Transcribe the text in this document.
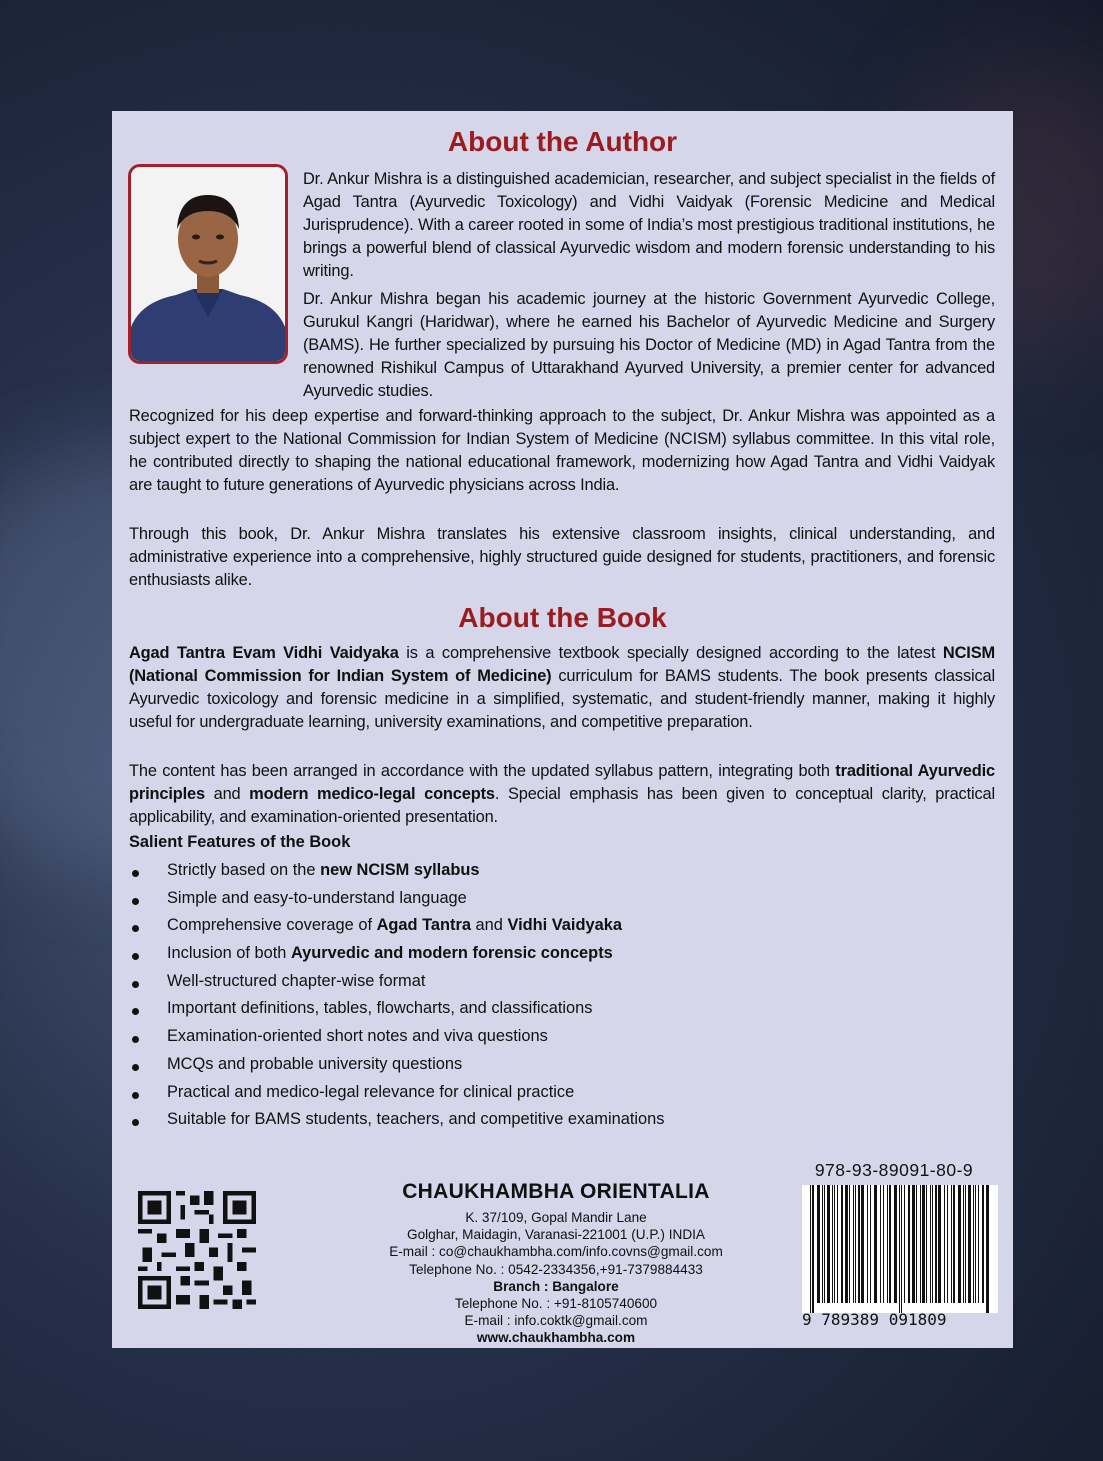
About the Author

Dr. Ankur Mishra is a distinguished academician, researcher, and subject specialist in the fields of Agad Tantra (Ayurvedic Toxicology) and Vidhi Vaidyak (Forensic Medicine and Medical Jurisprudence). With a career rooted in some of India’s most prestigious traditional institutions, he brings a powerful blend of classical Ayurvedic wisdom and modern forensic understanding to his writing.

Dr. Ankur Mishra began his academic journey at the historic Government Ayurvedic College, Gurukul Kangri (Haridwar), where he earned his Bachelor of Ayurvedic Medicine and Surgery (BAMS). He further specialized by pursuing his Doctor of Medicine (MD) in Agad Tantra from the renowned Rishikul Campus of Uttarakhand Ayurved University, a premier center for advanced Ayurvedic studies.

Recognized for his deep expertise and forward-thinking approach to the subject, Dr. Ankur Mishra was appointed as a subject expert to the National Commission for Indian System of Medicine (NCISM) syllabus committee. In this vital role, he contributed directly to shaping the national educational framework, modernizing how Agad Tantra and Vidhi Vaidyak are taught to future generations of Ayurvedic physicians across India.

Through this book, Dr. Ankur Mishra translates his extensive classroom insights, clinical understanding, and administrative experience into a comprehensive, highly structured guide designed for students, practitioners, and forensic enthusiasts alike.

About the Book

Agad Tantra Evam Vidhi Vaidyaka is a comprehensive textbook specially designed according to the latest NCISM (National Commission for Indian System of Medicine) curriculum for BAMS students. The book presents classical Ayurvedic toxicology and forensic medicine in a simplified, systematic, and student-friendly manner, making it highly useful for undergraduate learning, university examinations, and competitive preparation.

The content has been arranged in accordance with the updated syllabus pattern, integrating both traditional Ayurvedic principles and modern medico-legal concepts. Special emphasis has been given to conceptual clarity, practical applicability, and examination-oriented presentation.

Salient Features of the Book

Strictly based on the new NCISM syllabus
Simple and easy-to-understand language
Comprehensive coverage of Agad Tantra and Vidhi Vaidyaka
Inclusion of both Ayurvedic and modern forensic concepts
Well-structured chapter-wise format
Important definitions, tables, flowcharts, and classifications
Examination-oriented short notes and viva questions
MCQs and probable university questions
Practical and medico-legal relevance for clinical practice
Suitable for BAMS students, teachers, and competitive examinations
CHAUKHAMBHA ORIENTALIA
K. 37/109, Gopal Mandir Lane
Golghar, Maidagin, Varanasi-221001 (U.P.) INDIA
E-mail : co@chaukhambha.com/info.covns@gmail.com
Telephone No. : 0542-2334356,+91-7379884433
Branch : Bangalore
Telephone No. : +91-8105740600
E-mail : info.coktk@gmail.com
www.chaukhambha.com
978-93-89091-80-9
9 789389 091809
